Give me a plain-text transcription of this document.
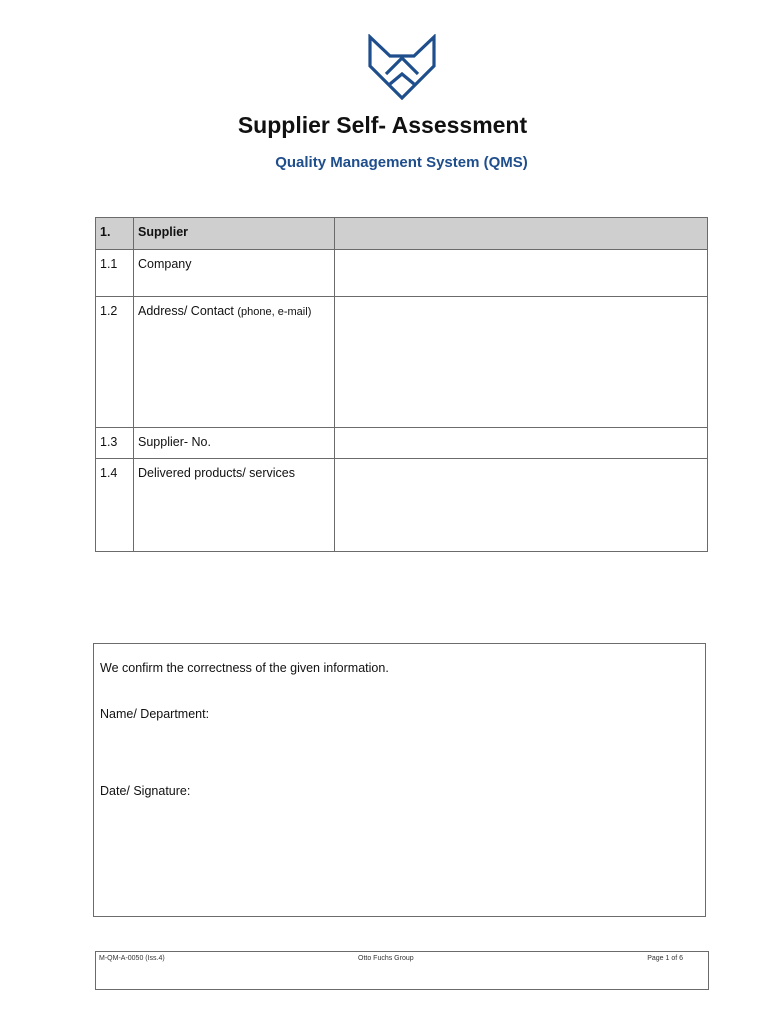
Supplier Self- Assessment
Quality Management System (QMS)
1.	Supplier	
1.1	Company	
1.2	Address/ Contact (phone, e-mail)	
1.3	Supplier- No.	
1.4	Delivered products/ services	

We confirm the correctness of the given information.

Name/ Department:

Date/ Signature:

M-QM-A-0050 (Iss.4)	Otto Fuchs Group	Page 1 of 6
